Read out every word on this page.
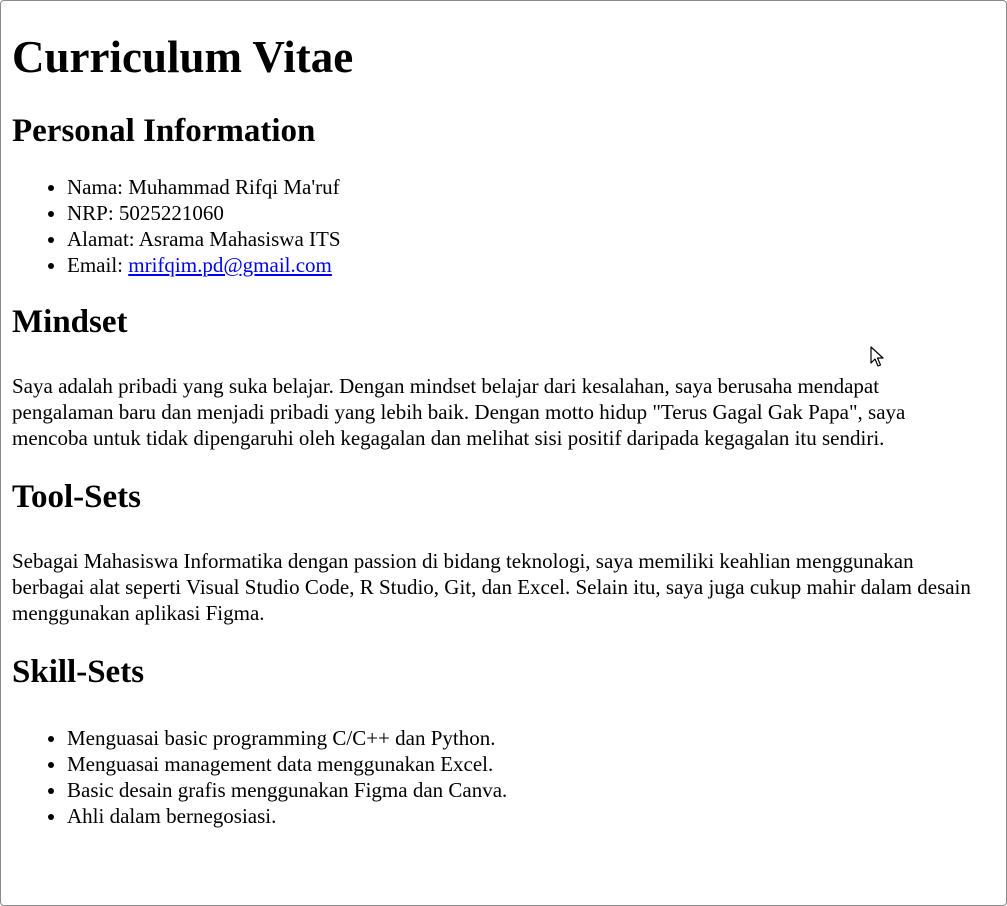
Curriculum Vitae
Personal Information
• Nama: Muhammad Rifqi Ma'ruf
• NRP: 5025221060
• Alamat: Asrama Mahasiswa ITS
• Email: mrifqim.pd@gmail.com
Mindset

Saya adalah pribadi yang suka belajar. Dengan mindset belajar dari kesalahan, saya berusaha mendapat pengalaman baru dan menjadi pribadi yang lebih baik. Dengan motto hidup "Terus Gagal Gak Papa", saya mencoba untuk tidak dipengaruhi oleh kegagalan dan melihat sisi positif daripada kegagalan itu sendiri.

Tool-Sets

Sebagai Mahasiswa Informatika dengan passion di bidang teknologi, saya memiliki keahlian menggunakan berbagai alat seperti Visual Studio Code, R Studio, Git, dan Excel. Selain itu, saya juga cukup mahir dalam desain menggunakan aplikasi Figma.

Skill-Sets
• Menguasai basic programming C/C++ dan Python.
• Menguasai management data menggunakan Excel.
• Basic desain grafis menggunakan Figma dan Canva.
• Ahli dalam bernegosiasi.
